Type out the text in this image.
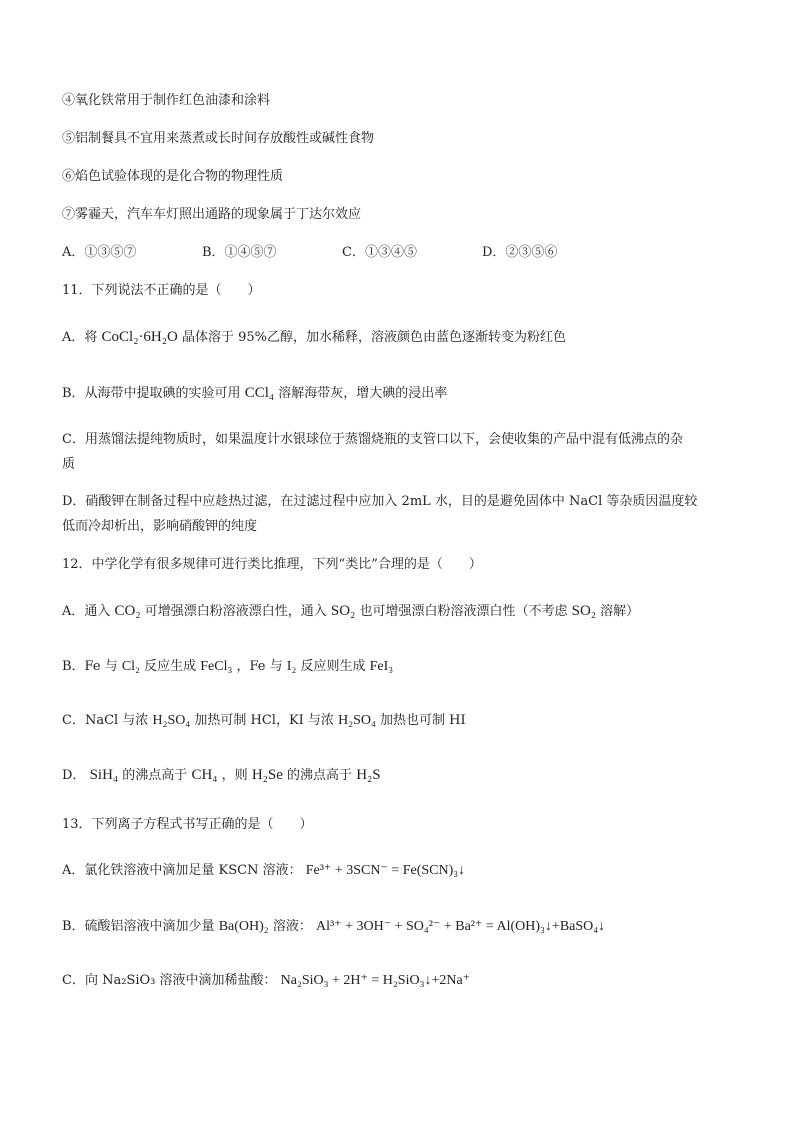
④氧化铁常用于制作红色油漆和涂料
⑤铝制餐具不宜用来蒸煮或长时间存放酸性或碱性食物
⑥焰色试验体现的是化合物的物理性质
⑦雾霾天，汽车车灯照出通路的现象属于丁达尔效应
A．①③⑤⑦	B．①④⑤⑦	C．①③④⑤	D．②③⑤⑥
11．下列说法不正确的是（　　）
A．将 CoCl₂·6H₂O 晶体溶于 95%乙醇，加水稀释，溶液颜色由蓝色逐渐转变为粉红色
B．从海带中提取碘的实验可用 CCl₄ 溶解海带灰，增大碘的浸出率
C．用蒸馏法提纯物质时，如果温度计水银球位于蒸馏烧瓶的支管口以下，会使收集的产品中混有低沸点的杂
质
D．硝酸钾在制备过程中应趁热过滤，在过滤过程中应加入 2mL 水，目的是避免固体中 NaCl 等杂质因温度较
低而冷却析出，影响硝酸钾的纯度
12．中学化学有很多规律可进行类比推理，下列“类比”合理的是（　　）
A．通入 CO₂ 可增强漂白粉溶液漂白性，通入 SO₂ 也可增强漂白粉溶液漂白性（不考虑 SO₂ 溶解）
B．Fe 与 Cl₂ 反应生成 FeCl₃ ，Fe 与 I₂ 反应则生成 FeI₃
C．NaCl 与浓 H₂SO₄ 加热可制 HCl，KI 与浓 H₂SO₄ 加热也可制 HI
D． SiH₄ 的沸点高于 CH₄ ，则 H₂Se 的沸点高于 H₂S
13．下列离子方程式书写正确的是（　　）
A．氯化铁溶液中滴加足量 KSCN 溶液： Fe³⁺ + 3SCN⁻ = Fe(SCN)₃↓
B．硫酸铝溶液中滴加少量 Ba(OH)₂ 溶液： Al³⁺ + 3OH⁻ + SO₄²⁻ + Ba²⁺ = Al(OH)₃↓+BaSO₄↓
C．向 Na₂SiO₃ 溶液中滴加稀盐酸： Na₂SiO₃ + 2H⁺ = H₂SiO₃↓+2Na⁺
